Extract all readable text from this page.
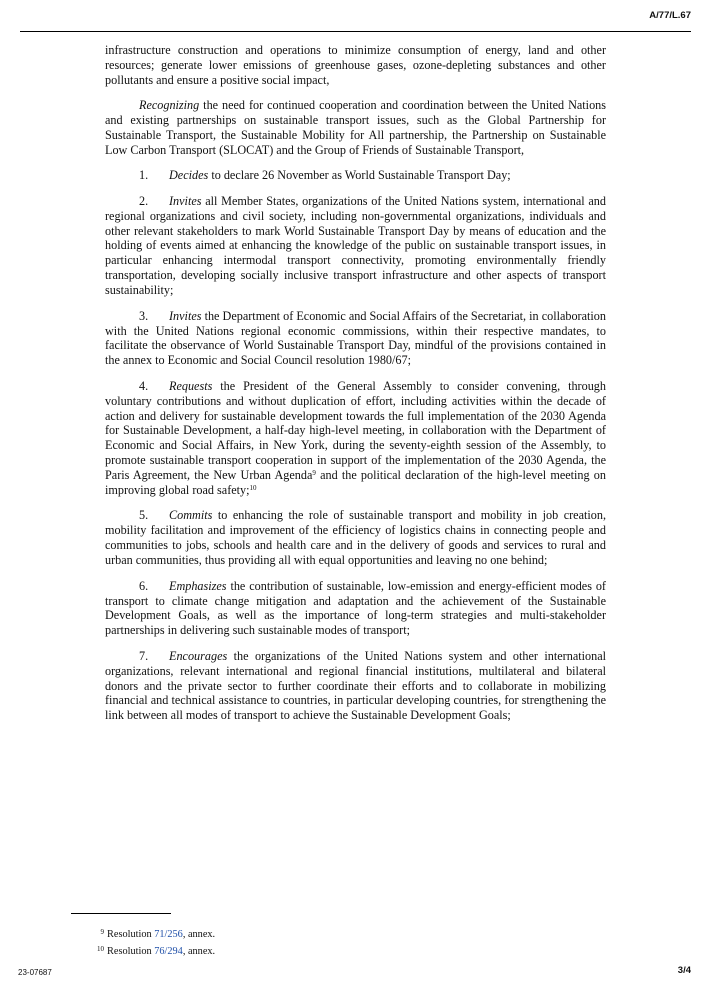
A/77/L.67

infrastructure construction and operations to minimize consumption of energy, land and other resources; generate lower emissions of greenhouse gases, ozone-depleting substances and other pollutants and ensure a positive social impact,

Recognizing the need for continued cooperation and coordination between the United Nations and existing partnerships on sustainable transport issues, such as the Global Partnership for Sustainable Transport, the Sustainable Mobility for All partnership, the Partnership on Sustainable Low Carbon Transport (SLOCAT) and the Group of Friends of Sustainable Transport,

1. Decides to declare 26 November as World Sustainable Transport Day;

2. Invites all Member States, organizations of the United Nations system, international and regional organizations and civil society, including non-governmental organizations, individuals and other relevant stakeholders to mark World Sustainable Transport Day by means of education and the holding of events aimed at enhancing the knowledge of the public on sustainable transport issues, in particular enhancing intermodal transport connectivity, promoting environmentally friendly transportation, developing socially inclusive transport infrastructure and other aspects of transport sustainability;

3. Invites the Department of Economic and Social Affairs of the Secretariat, in collaboration with the United Nations regional economic commissions, within their respective mandates, to facilitate the observance of World Sustainable Transport Day, mindful of the provisions contained in the annex to Economic and Social Council resolution 1980/67;

4. Requests the President of the General Assembly to consider convening, through voluntary contributions and without duplication of effort, including activities within the decade of action and delivery for sustainable development towards the full implementation of the 2030 Agenda for Sustainable Development, a half-day high-level meeting, in collaboration with the Department of Economic and Social Affairs, in New York, during the seventy-eighth session of the Assembly, to promote sustainable transport cooperation in support of the implementation of the 2030 Agenda, the Paris Agreement, the New Urban Agenda$^9$ and the political declaration of the high-level meeting on improving global road safety;$^{10}$

5. Commits to enhancing the role of sustainable transport and mobility in job creation, mobility facilitation and improvement of the efficiency of logistics chains in connecting people and communities to jobs, schools and health care and in the delivery of goods and services to rural and urban communities, thus providing all with equal opportunities and leaving no one behind;

6. Emphasizes the contribution of sustainable, low-emission and energy-efficient modes of transport to climate change mitigation and adaptation and the achievement of the Sustainable Development Goals, as well as the importance of long-term strategies and multi-stakeholder partnerships in delivering such sustainable modes of transport;

7. Encourages the organizations of the United Nations system and other international organizations, relevant international and regional financial institutions, multilateral and bilateral donors and the private sector to further coordinate their efforts and to collaborate in mobilizing financial and technical assistance to countries, in particular developing countries, for strengthening the link between all modes of transport to achieve the Sustainable Development Goals;

9 Resolution 71/256, annex.
10 Resolution 76/294, annex.
23-07687	3/4
